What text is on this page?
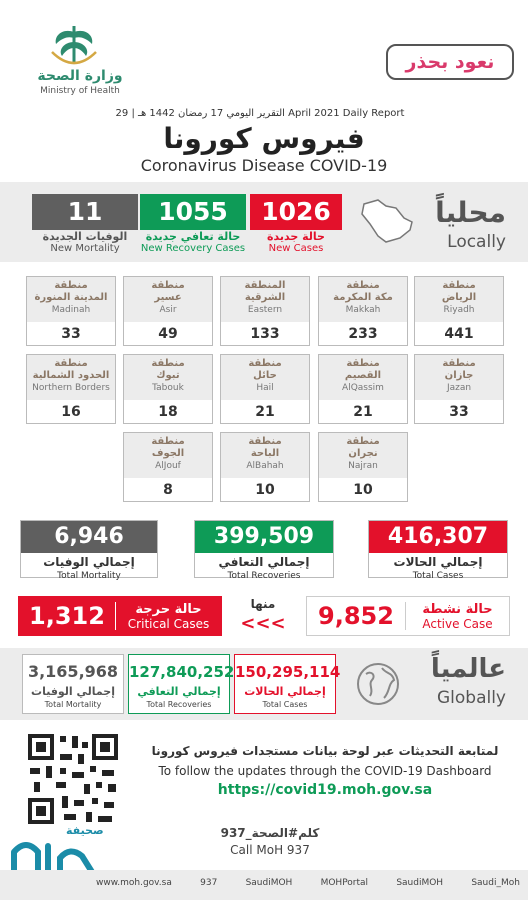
وزارة الصحة
Ministry of Health
نعود بحذر
التقرير اليومي 17 رمضان 1442 هـ | 29 April 2021 Daily Report
فيروس كورونا
Coronavirus Disease COVID-19
11
الوفيات الجديدة
New Mortality
1055
حالة تعافي جديدة
New Recovery Cases
1026
حالة جديدة
New Cases
محلياً
Locally
منطقة
الرياض
Riyadh
441
منطقة
مكة المكرمة
Makkah
233
المنطقة
الشرقية
Eastern
133
منطقة
عسير
Asir
49
منطقة
المدينة المنورة
Madinah
33
منطقة
جازان
Jazan
33
منطقة
القصيم
AlQassim
21
منطقة
حائل
Hail
21
منطقة
تبوك
Tabouk
18
منطقة
الحدود الشمالية
Northern Borders
16
منطقة
نجران
Najran
10
منطقة
الباحة
AlBahah
10
منطقة
الجوف
AlJouf
8
6,946
إجمالي الوفيات
Total Mortality
399,509
إجمالي التعافي
Total Recoveries
416,307
إجمالي الحالات
Total Cases
1,312	حالة حرجة
Critical Cases
منها
<<<	9,852	حالة نشطة
Active Case
3,165,968
إجمالي الوفيات
Total Mortality
127,840,252
إجمالي التعافي
Total Recoveries
150,295,114
إجمالي الحالات
Total Cases
عالمياً
Globally
لمتابعة التحديثات عبر لوحة بيانات مستجدات فيروس كورونا
To follow the updates through the COVID-19 Dashboard
https://covid19.moh.gov.sa
كلم#الصحة_937
Call MoH 937
صحيفة
www.moh.gov.sa	937	SaudiMOH	MOHPortal	SaudiMOH	Saudi_Moh
